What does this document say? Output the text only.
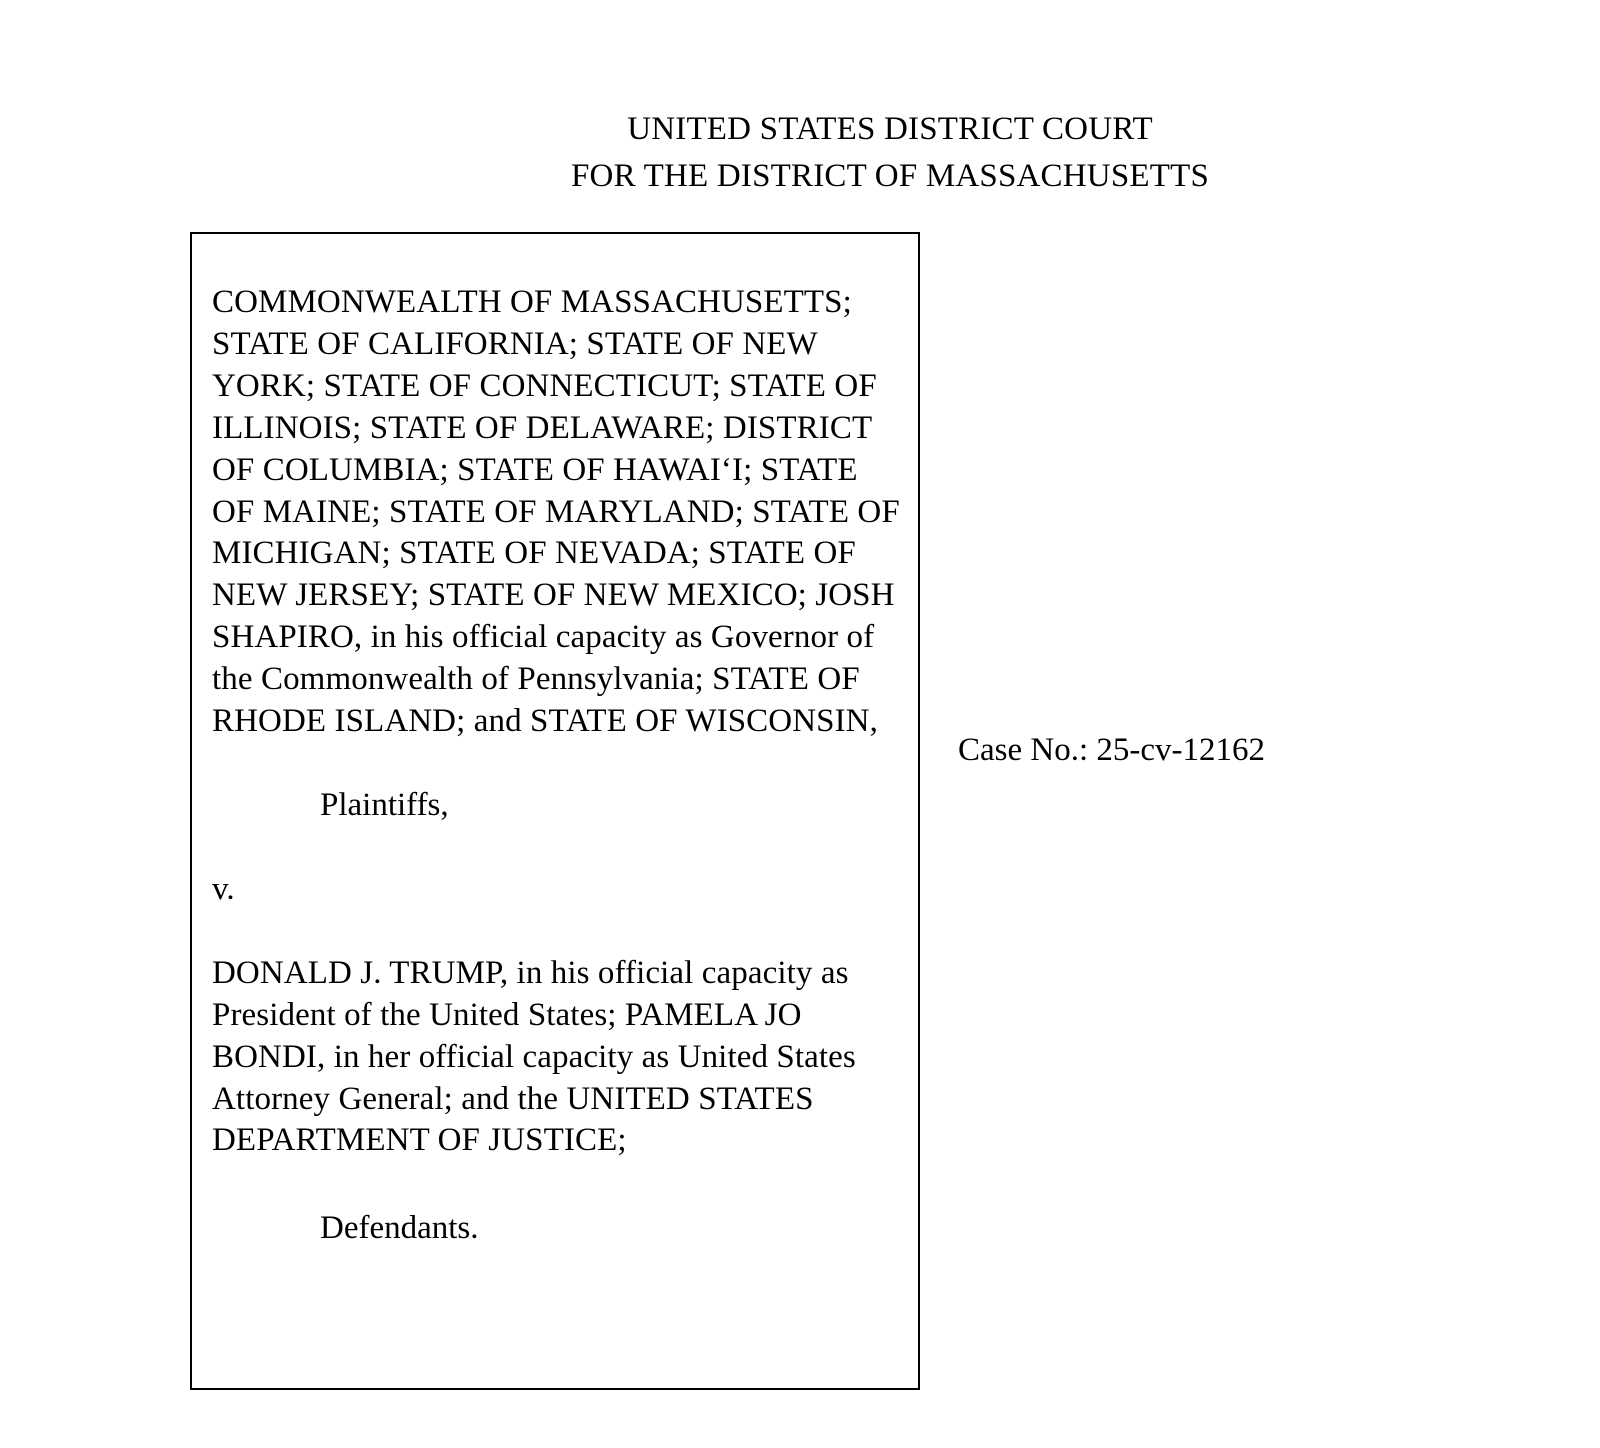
UNITED STATES DISTRICT COURT
FOR THE DISTRICT OF MASSACHUSETTS

COMMONWEALTH OF MASSACHUSETTS; STATE OF CALIFORNIA; STATE OF NEW YORK; STATE OF CONNECTICUT; STATE OF ILLINOIS; STATE OF DELAWARE; DISTRICT OF COLUMBIA; STATE OF HAWAI‘I; STATE OF MAINE; STATE OF MARYLAND; STATE OF MICHIGAN; STATE OF NEVADA; STATE OF NEW JERSEY; STATE OF NEW MEXICO; JOSH SHAPIRO, in his official capacity as Governor of the Commonwealth of Pennsylvania; STATE OF RHODE ISLAND; and STATE OF WISCONSIN,

Plaintiffs,

v.

DONALD J. TRUMP, in his official capacity as President of the United States; PAMELA JO BONDI, in her official capacity as United States Attorney General; and the UNITED STATES DEPARTMENT OF JUSTICE;

Defendants.

Case No.: 25-cv-12162
